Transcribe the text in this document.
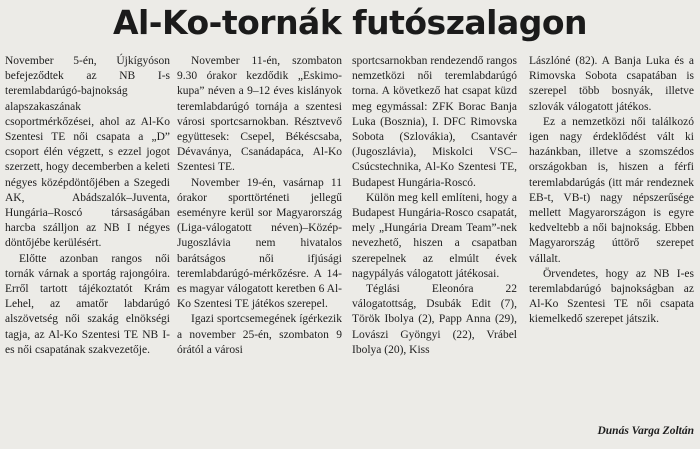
Al-Ko-tornák futószalagon

November 5-én, Újkígyóson befejeződtek az NB I-s teremlabdarúgó-bajnokság alapszakaszának csoportmérkőzései, ahol az Al-Ko Szentesi TE női csapata a „D” csoport élén végzett, s ezzel jogot szerzett, hogy decemberben a keleti négyes középdöntőjében a Szegedi AK, Abádszalók–Juventa, Hungária–Roscó társaságában harcba szálljon az NB I négyes döntőjébe kerülésért.

Előtte azonban rangos női tornák várnak a sportág rajongóira. Erről tartott tájékoztatót Krám Lehel, az amatőr labdarúgó alszövetség női szakág elnökségi tagja, az Al-Ko Szentesi TE NB I-es női csapatának szakvezetője.

November 11-én, szombaton 9.30 órakor kezdődik „Eskimo-kupa” néven a 9–12 éves kislányok teremlabdarúgó tornája a szentesi városi sportcsarnokban. Résztvevő együttesek: Csepel, Békéscsaba, Dévaványa, Csanádapáca, Al-Ko Szentesi TE.

November 19-én, vasárnap 11 órakor sporttörténeti jellegű eseményre kerül sor Magyarország (Liga-válogatott néven)–Közép-Jugoszlávia nem hivatalos barátságos női ifjúsági teremlabdarúgó-mérkőzésre. A 14-es magyar válogatott keretben 6 Al-Ko Szentesi TE játékos szerepel.

Igazi sportcsemegének ígérkezik a november 25-én, szombaton 9 órától a városi

sportcsarnokban rendezendő rangos nemzetközi női teremlabdarúgó torna. A következő hat csapat küzd meg egymással: ZFK Borac Banja Luka (Bosznia), I. DFC Rimovska Sobota (Szlovákia), Csantavér (Jugoszlávia), Miskolci VSC–Csúcstechnika, Al-Ko Szentesi TE, Budapest Hungária-Roscó.

Külön meg kell említeni, hogy a Budapest Hungária-Rosco csapatát, mely „Hungária Dream Team”-nek nevezhető, hiszen a csapatban szerepelnek az elmúlt évek nagypályás válogatott játékosai.

Téglási Eleonóra 22 válogatottság, Dsubák Edit (7), Török Ibolya (2), Papp Anna (29), Lovászi Gyöngyi (22), Vrábel Ibolya (20), Kiss

Lászlóné (82). A Banja Luka és a Rimovska Sobota csapatában is szerepel több bosnyák, illetve szlovák válogatott játékos.

Ez a nemzetközi női találkozó igen nagy érdeklődést vált ki hazánkban, illetve a szomszédos országokban is, hiszen a férfi teremlabdarúgás (itt már rendeznek EB-t, VB-t) nagy népszerűsége mellett Magyarországon is egyre kedveltebb a női bajnokság. Ebben Magyarország úttörő szerepet vállalt.

Örvendetes, hogy az NB I-es teremlabdarúgó bajnokságban az Al-Ko Szentesi TE női csapata kiemelkedő szerepet játszik.

Dunás Varga Zoltán
